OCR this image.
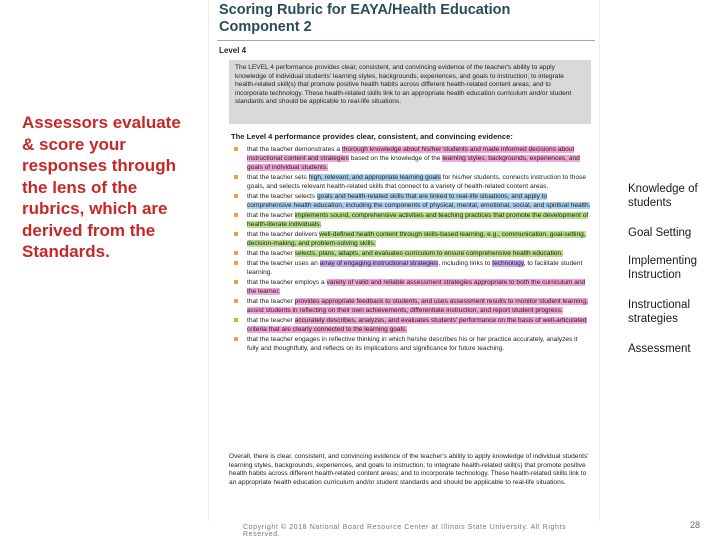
Assessors evaluate & score your responses through the lens of the rubrics, which are derived from the Standards.
Scoring Rubric for EAYA/Health Education Component 2
Level 4
The LEVEL 4 performance provides clear, consistent, and convincing evidence of the teacher's ability to apply knowledge of individual students' learning styles, backgrounds, experiences, and goals to instruction; to integrate health-related skill(s) that promote positive health habits across different health-related content areas; and to incorporate technology. These health-related skills link to an appropriate health education curriculum and/or student standards and should be applicable to real-life situations.
The Level 4 performance provides clear, consistent, and convincing evidence:
that the teacher demonstrates a thorough knowledge about his/her students and made informed decisions about instructional content and strategies based on the knowledge of the learning styles, backgrounds, experiences, and goals of individual students.
that the teacher sets high, relevant, and appropriate learning goals for his/her students, connects instruction to those goals, and selects relevant health-related skills that connect to a variety of health-related content areas.
that the teacher selects goals and health-related skills that are linked to real-life situations, and apply to comprehensive health education, including the components of physical, mental, emotional, social, and spiritual health.
that the teacher implements sound, comprehensive activities and teaching practices that promote the development of health-literate individuals.
that the teacher delivers well-defined health content through skills-based learning, e.g., communication, goal-setting, decision-making, and problem-solving skills.
that the teacher selects, plans, adapts, and evaluates curriculum to ensure comprehensive health education.
that the teacher uses an array of engaging instructional strategies, including links to technology, to facilitate student learning.
that the teacher employs a variety of valid and reliable assessment strategies appropriate to both the curriculum and the learner.
that the teacher provides appropriate feedback to students, and uses assessment results to monitor student learning, assist students in reflecting on their own achievements, differentiate instruction, and report student progress.
that the teacher accurately describes, analyzes, and evaluates students' performance on the basis of well-articulated criteria that are clearly connected to the learning goals.
that the teacher engages in reflective thinking in which he/she describes his or her practice accurately, analyzes it fully and thoughtfully, and reflects on its implications and significance for future teaching.
Overall, there is clear, consistent, and convincing evidence of the teacher's ability to apply knowledge of individual students' learning styles, backgrounds, experiences, and goals to instruction; to integrate health-related skill(s) that promote positive health habits across different health-related content areas; and to incorporate technology. These health-related skills link to an appropriate health education curriculum and/or student standards and should be applicable to real-life situations.
Knowledge of students
Goal Setting
Implementing Instruction
Instructional strategies
Assessment
Copyright © 2018 National Board Resource Center at Illinois State University. All Rights Reserved.
28
